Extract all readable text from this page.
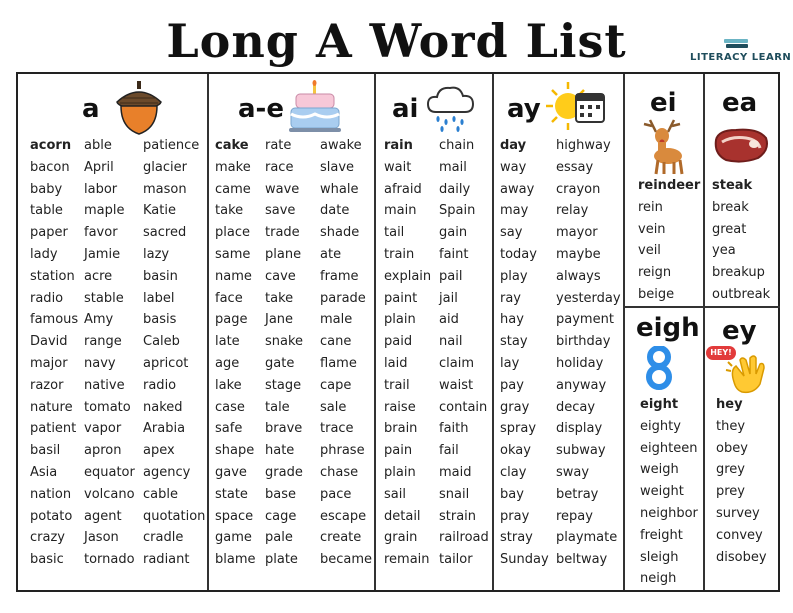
Long A Word List	LITERACY LEARN
a
acorn
bacon
baby
table
paper
lady
station
radio
famous
David
major
razor
nature
patient
basil
Asia
nation
potato
crazy
basic
able
April
labor
maple
favor
Jamie
acre
stable
Amy
range
navy
native
tomato
vapor
apron
equator
volcano
agent
Jason
tornado
patience
glacier
mason
Katie
sacred
lazy
basin
label
basis
Caleb
apricot
radio
naked
Arabia
apex
agency
cable
quotation
cradle
radiant
a-e
cake
make
came
take
place
same
name
face
page
late
age
lake
case
safe
shape
gave
state
space
game
blame
rate
race
wave
save
trade
plane
cave
take
Jane
snake
gate
stage
tale
brave
hate
grade
base
cage
pale
plate
awake
slave
whale
date
shade
ate
frame
parade
male
cane
flame
cape
sale
trace
phrase
chase
pace
escape
create
became
ai
rain
wait
afraid
main
tail
train
explain
paint
plain
paid
laid
trail
raise
brain
pain
plain
sail
detail
grain
remain
chain
mail
daily
Spain
gain
faint
pail
jail
aid
nail
claim
waist
contain
faith
fail
maid
snail
strain
railroad
tailor
ay
day
way
away
may
say
today
play
ray
hay
stay
lay
pay
gray
spray
okay
clay
bay
pray
stray
Sunday
highway
essay
crayon
relay
mayor
maybe
always
yesterday
payment
birthday
holiday
anyway
decay
display
subway
sway
betray
repay
playmate
beltway
ei
reindeer
rein
vein
veil
reign
beige
ea
steak
break
great
yea
breakup
outbreak
eigh
eight
eighty
eighteen
weigh
weight
neighbor
freight
sleigh
neigh
ey
HEY!
hey
they
obey
grey
prey
survey
convey
disobey
